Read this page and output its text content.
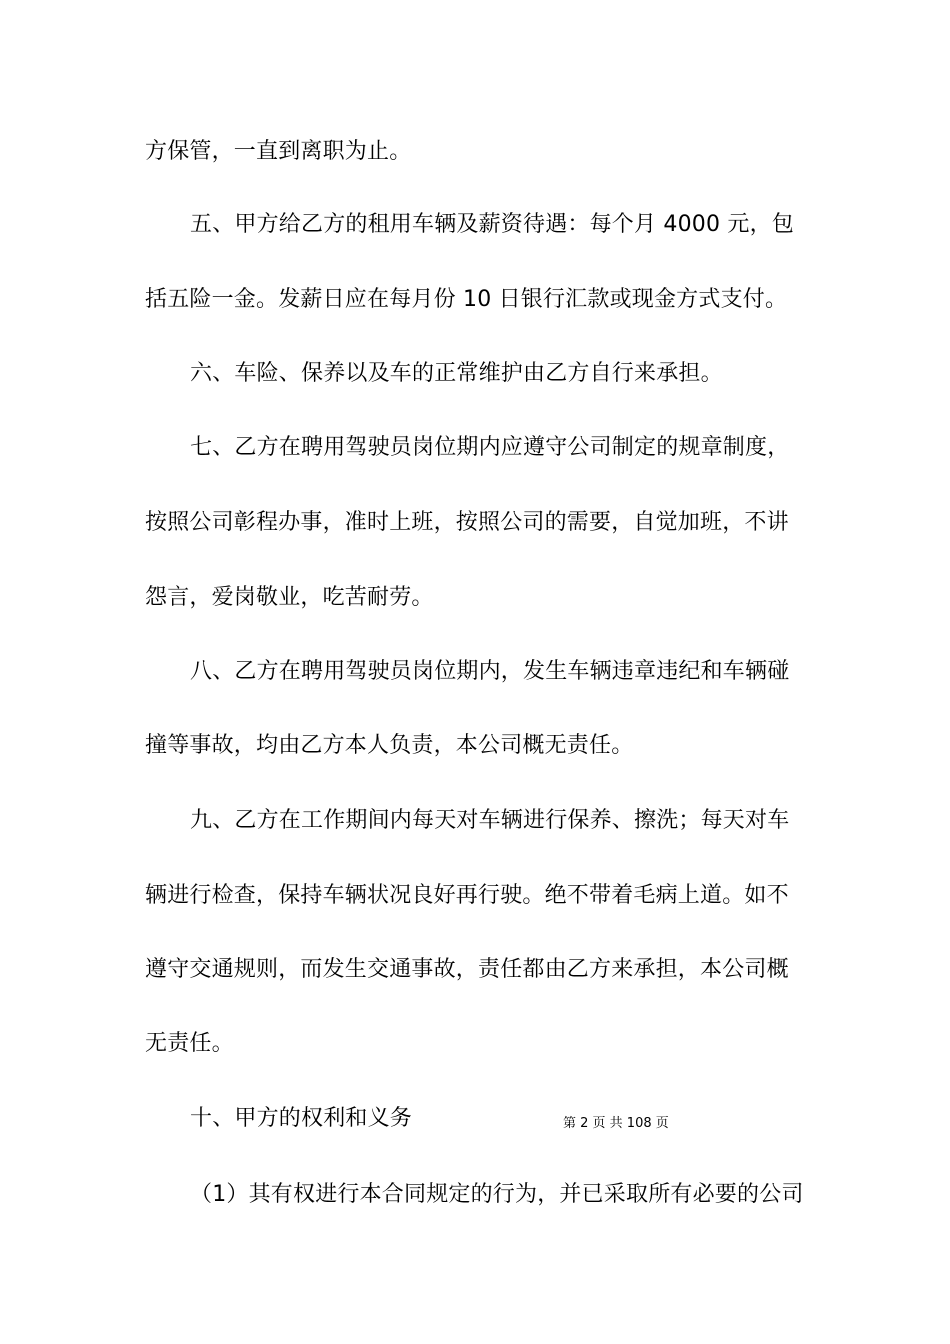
方保管，一直到离职为止。
五、甲方给乙方的租用车辆及薪资待遇：每个月 4000 元，包
括五险一金。发薪日应在每月份 10 日银行汇款或现金方式支付。
六、车险、保养以及车的正常维护由乙方自行来承担。
七、乙方在聘用驾驶员岗位期内应遵守公司制定的规章制度，
按照公司彰程办事，准时上班，按照公司的需要，自觉加班，不讲
怨言，爱岗敬业，吃苦耐劳。
八、乙方在聘用驾驶员岗位期内，发生车辆违章违纪和车辆碰
撞等事故，均由乙方本人负责，本公司概无责任。
九、乙方在工作期间内每天对车辆进行保养、擦洗；每天对车
辆进行检查，保持车辆状况良好再行驶。绝不带着毛病上道。如不
遵守交通规则，而发生交通事故，责任都由乙方来承担，本公司概
无责任。
十、甲方的权利和义务	第 2 页 共 108 页
（1）其有权进行本合同规定的行为，并已采取所有必要的公司
